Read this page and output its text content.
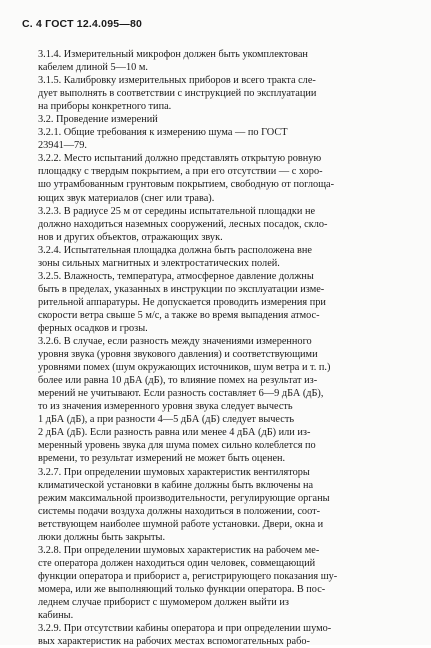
С. 4 ГОСТ 12.4.095—80
3.1.4. Измерительный микрофон должен быть укомплектован
кабелем длиной 5—10 м.
3.1.5. Калибровку измерительных приборов и всего тракта сле-
дует выполнять в соответствии с инструкцией по эксплуатации
на приборы конкретного типа.
3.2. Проведение измерений
3.2.1. Общие требования к измерению шума — по ГОСТ
23941—79.
3.2.2. Место испытаний должно представлять открытую ровную
площадку с твердым покрытием, а при его отсутствии — с хоро-
шо утрамбованным грунтовым покрытием, свободную от поглоща-
ющих звук материалов (снег или трава).
3.2.3. В радиусе 25 м от середины испытательной площадки не
должно находиться наземных сооружений, лесных посадок, скло-
нов и других объектов, отражающих звук.
3.2.4. Испытательная площадка должна быть расположена вне
зоны сильных магнитных и электростатических полей.
3.2.5. Влажность, температура, атмосферное давление должны
быть в пределах, указанных в инструкции по эксплуатации изме-
рительной аппаратуры. Не допускается проводить измерения при
скорости ветра свыше 5 м/с, а также во время выпадения атмос-
ферных осадков и грозы.
3.2.6. В случае, если разность между значениями измеренного
уровня звука (уровня звукового давления) и соответствующими
уровнями помех (шум окружающих источников, шум ветра и т. п.)
более или равна 10 дБА (дБ), то влияние помех на результат из-
мерений не учитывают. Если разность составляет 6—9 дБА (дБ),
то из значения измеренного уровня звука следует вычесть
1 дБА (дБ), а при разности 4—5 дБА (дБ) следует вычесть
2 дБА (дБ). Если разность равна или менее 4 дБА (дБ) или из-
меренный уровень звука для шума помех сильно колеблется по
времени, то результат измерений не может быть оценен.
3.2.7. При определении шумовых характеристик вентиляторы
климатической установки в кабине должны быть включены на
режим максимальной производительности, регулирующие органы
системы подачи воздуха должны находиться в положении, соот-
ветствующем наиболее шумной работе установки. Двери, окна и
люки должны быть закрыты.
3.2.8. При определении шумовых характеристик на рабочем ме-
сте оператора должен находиться один человек, совмещающий
функции оператора и приборист а, регистрирующего показания шу-
момера, или же выполняющий только функции оператора. В пос-
леднем случае приборист с шумомером должен выйти из
кабины.
3.2.9. При отсутствии кабины оператора и при определении шумо-
вых характеристик на рабочих местах вспомогательных рабо-
